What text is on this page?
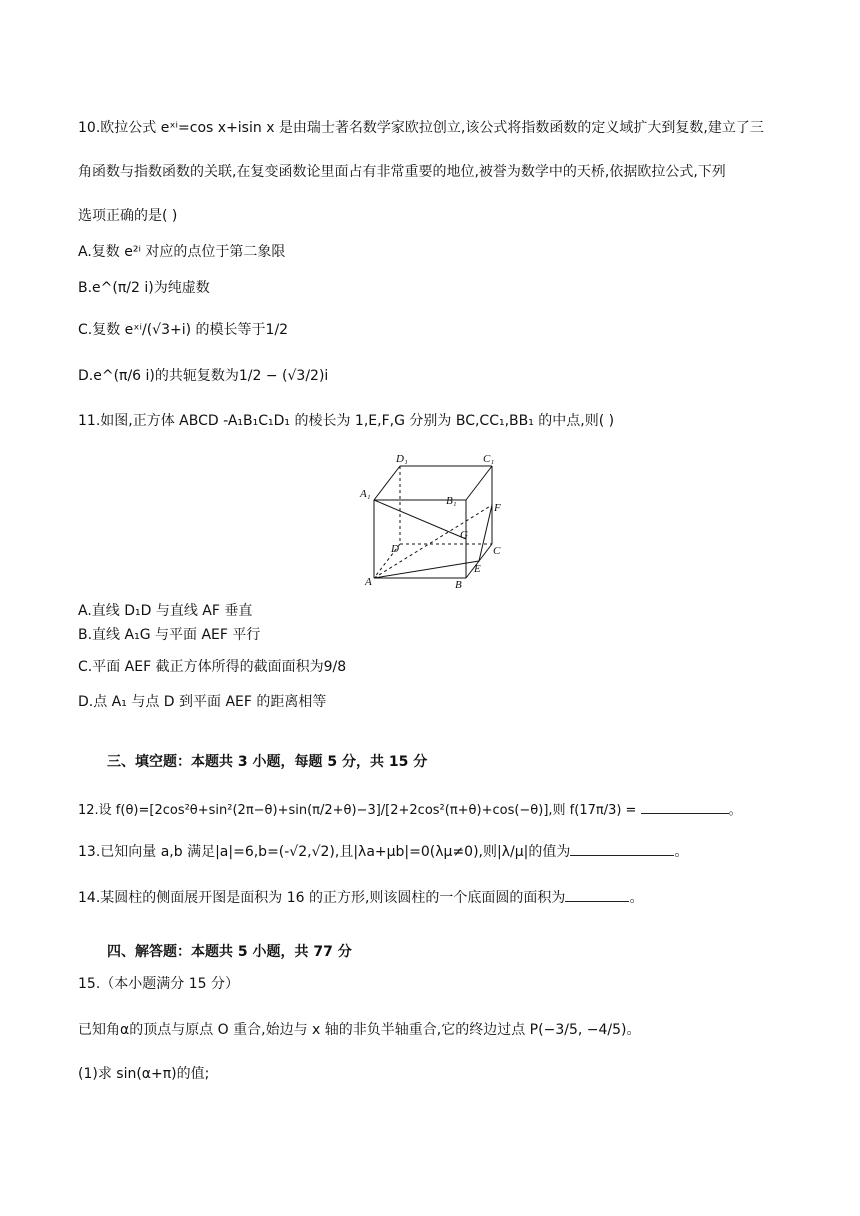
10.欧拉公式 eˣⁱ=cos x+isin x 是由瑞士著名数学家欧拉创立,该公式将指数函数的定义域扩大到复数,建立了三
角函数与指数函数的关联,在复变函数论里面占有非常重要的地位,被誉为数学中的天桥,依据欧拉公式,下列
选项正确的是( )
A.复数 e²ⁱ 对应的点位于第二象限
B.e^(π/2 i)为纯虚数
C.复数 eˣⁱ/(√3+i) 的模长等于1/2
D.e^(π/6 i)的共轭复数为1/2 − (√3/2)i
11.如图,正方体 ABCD -A₁B₁C₁D₁ 的棱长为 1,E,F,G 分别为 BC,CC₁,BB₁ 的中点,则( )
D₁	C₁
A₁
B₁
F
G
D	C
E
A	B
A.直线 D₁D 与直线 AF 垂直
B.直线 A₁G 与平面 AEF 平行
C.平面 AEF 截正方体所得的截面面积为9/8
D.点 A₁ 与点 D 到平面 AEF 的距离相等
三、填空题：本题共 3 小题，每题 5 分，共 15 分
12.设 f(θ)=[2cos²θ+sin²(2π−θ)+sin(π/2+θ)−3]/[2+2cos²(π+θ)+cos(−θ)],则 f(17π/3) =	。
13.已知向量 a,b 满足|a|=6,b=(-√2,√2),且|λa+μb|=0(λμ≠0),则|λ/μ|的值为	。
14.某圆柱的侧面展开图是面积为 16 的正方形,则该圆柱的一个底面圆的面积为	。
四、解答题：本题共 5 小题，共 77 分
15.（本小题满分 15 分）
已知角α的顶点与原点 O 重合,始边与 x 轴的非负半轴重合,它的终边过点 P(−3/5, −4/5)。
(1)求 sin(α+π)的值;
